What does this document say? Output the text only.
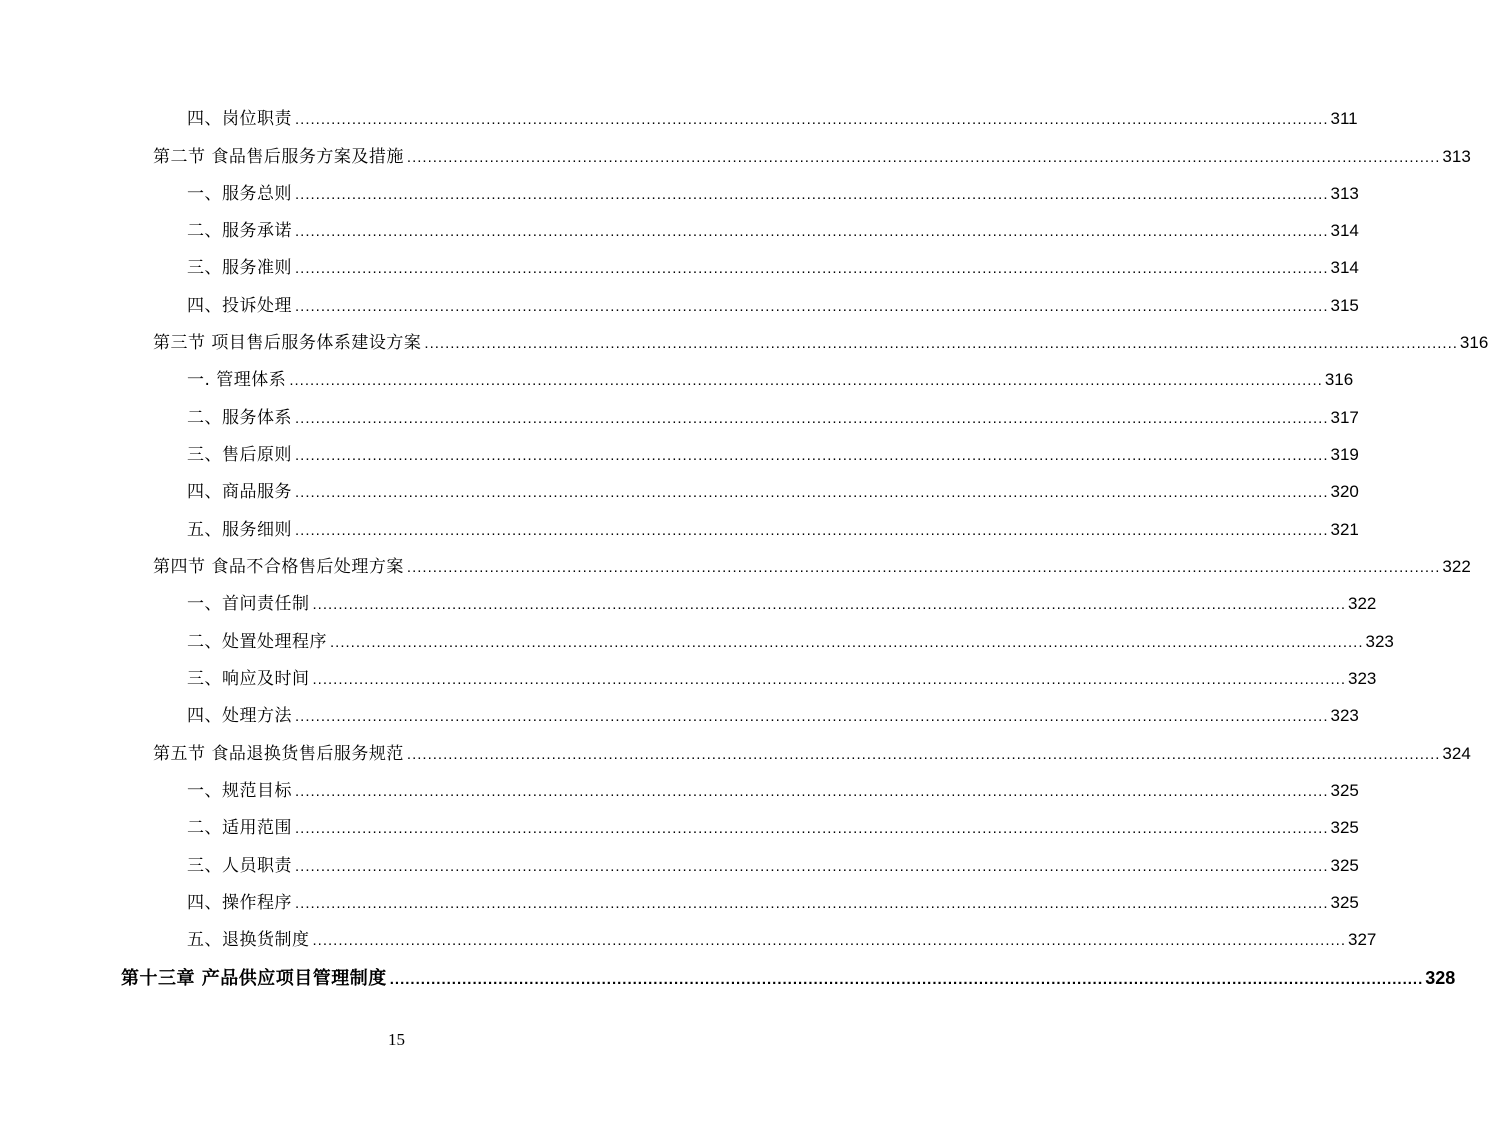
四、岗位职责 ........................................................................................................................................................................................................ 311
第二节 食品售后服务方案及措施 ........................................................................................................................................................................................................ 313
一、服务总则 ........................................................................................................................................................................................................ 313
二、服务承诺 ........................................................................................................................................................................................................ 314
三、服务准则 ........................................................................................................................................................................................................ 314
四、投诉处理 ........................................................................................................................................................................................................ 315
第三节 项目售后服务体系建设方案 ........................................................................................................................................................................................................ 316
一. 管理体系 ........................................................................................................................................................................................................ 316
二、服务体系 ........................................................................................................................................................................................................ 317
三、售后原则 ........................................................................................................................................................................................................ 319
四、商品服务 ........................................................................................................................................................................................................ 320
五、服务细则 ........................................................................................................................................................................................................ 321
第四节 食品不合格售后处理方案 ........................................................................................................................................................................................................ 322
一、首问责任制 ........................................................................................................................................................................................................ 322
二、处置处理程序 ........................................................................................................................................................................................................ 323
三、响应及时间 ........................................................................................................................................................................................................ 323
四、处理方法 ........................................................................................................................................................................................................ 323
第五节 食品退换货售后服务规范 ........................................................................................................................................................................................................ 324
一、规范目标 ........................................................................................................................................................................................................ 325
二、适用范围 ........................................................................................................................................................................................................ 325
三、人员职责 ........................................................................................................................................................................................................ 325
四、操作程序 ........................................................................................................................................................................................................ 325
五、退换货制度 ........................................................................................................................................................................................................ 327
第十三章 产品供应项目管理制度 ........................................................................................................................................................................................................ 328
15
